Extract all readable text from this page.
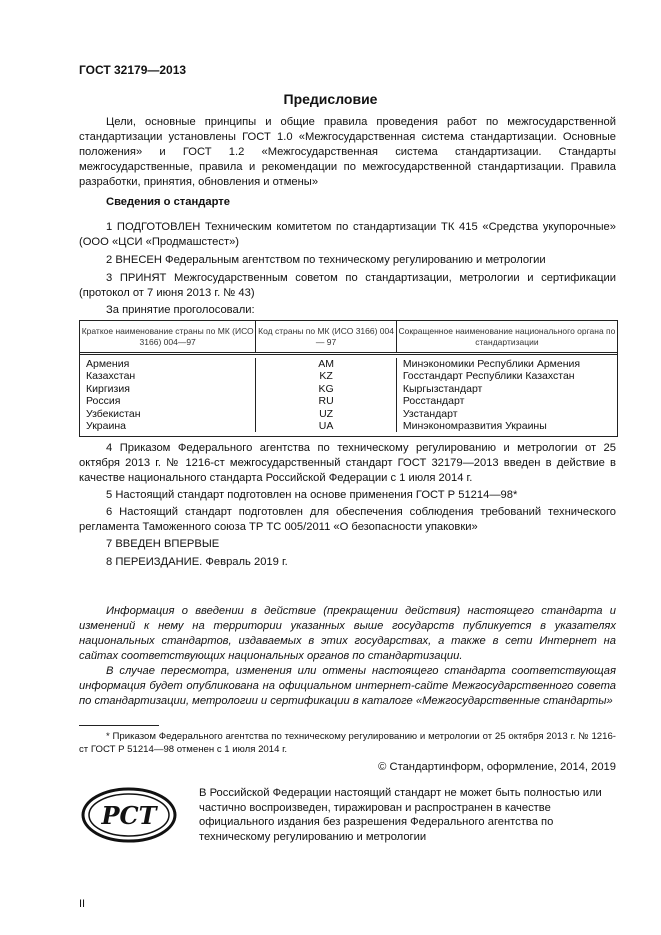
ГОСТ 32179—2013
Предисловие
Цели, основные принципы и общие правила проведения работ по межгосударственной стандартизации установлены ГОСТ 1.0 «Межгосударственная система стандартизации. Основные положения» и ГОСТ 1.2 «Межгосударственная система стандартизации. Стандарты межгосударственные, правила и рекомендации по межгосударственной стандартизации. Правила разработки, принятия, обновления и отмены»
Сведения о стандарте
1 ПОДГОТОВЛЕН Техническим комитетом по стандартизации ТК 415 «Средства укупорочные» (ООО «ЦСИ «Продмашстест»)
2 ВНЕСЕН Федеральным агентством по техническому регулированию и метрологии
3 ПРИНЯТ Межгосударственным советом по стандартизации, метрологии и сертификации (протокол от 7 июня 2013 г. № 43)
За принятие проголосовали:
Краткое наименование страны по МК (ИСО 3166) 004—97
Код страны по МК (ИСО 3166) 004— 97
Сокращенное наименование национального органа по стандартизации
Армения
Казахстан
Киргизия
Россия
Узбекистан
Украина
AM
KZ
KG
RU
UZ
UA
Минэкономики Республики Армения
Госстандарт Республики Казахстан
Кыргызстандарт
Росстандарт
Узстандарт
Минэкономразвития Украины
4 Приказом Федерального агентства по техническому регулированию и метрологии от 25 октября 2013 г. № 1216-ст межгосударственный стандарт ГОСТ 32179—2013 введен в действие в качестве национального стандарта Российской Федерации с 1 июля 2014 г.
5 Настоящий стандарт подготовлен на основе применения ГОСТ Р 51214—98*
6 Настоящий стандарт подготовлен для обеспечения соблюдения требований технического регламента Таможенного союза ТР ТС 005/2011 «О безопасности упаковки»
7 ВВЕДЕН ВПЕРВЫЕ
8 ПЕРЕИЗДАНИЕ. Февраль 2019 г.
Информация о введении в действие (прекращении действия) настоящего стандарта и изменений к нему на территории указанных выше государств публикуется в указателях национальных стандартов, издаваемых в этих государствах, а также в сети Интернет на сайтах соответствующих национальных органов по стандартизации.
В случае пересмотра, изменения или отмены настоящего стандарта соответствующая информация будет опубликована на официальном интернет-сайте Межгосударственного совета по стандартизации, метрологии и сертификации в каталоге «Межгосударственные стандарты»
* Приказом Федерального агентства по техническому регулированию и метрологии от 25 октября 2013 г. № 1216-ст ГОСТ Р 51214—98 отменен с 1 июля 2014 г.
© Стандартинформ, оформление, 2014, 2019
РСТ
В Российской Федерации настоящий стандарт не может быть полностью или частично воспроизведен, тиражирован и распространен в качестве официального издания без разрешения Федерального агентства по техническому регулированию и метрологии
II
